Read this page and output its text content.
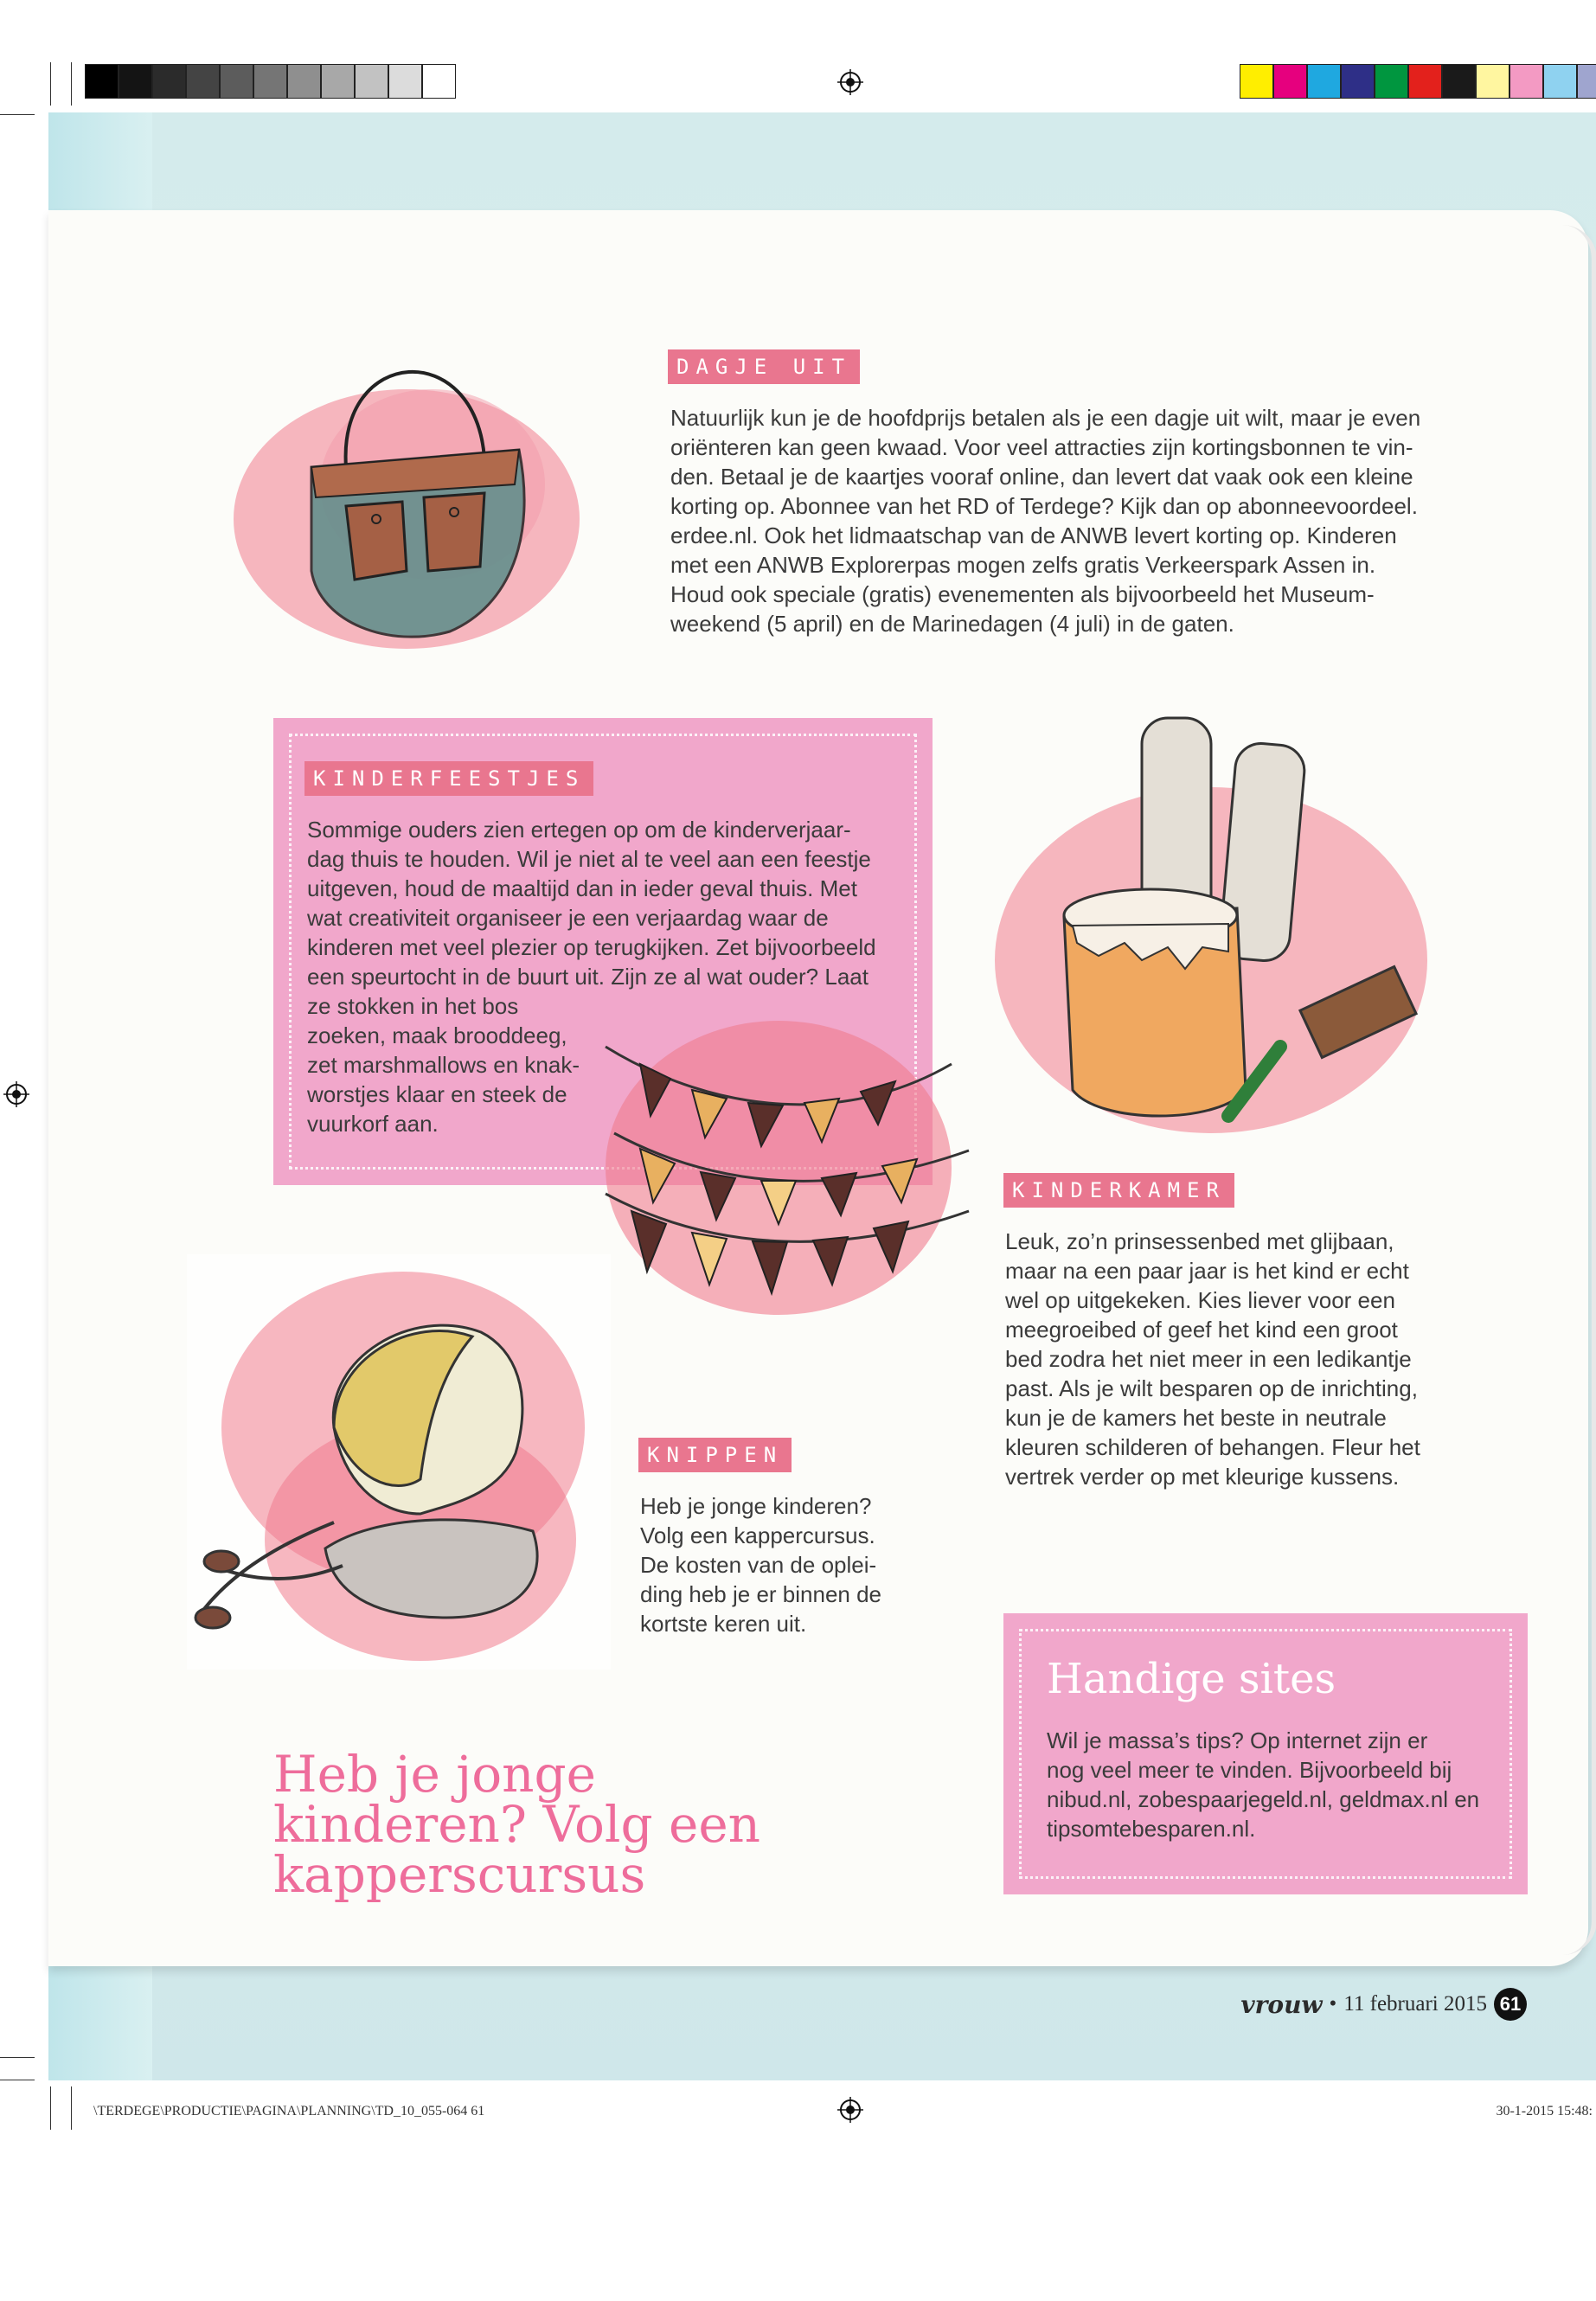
DAGJE UIT
Natuurlijk kun je de hoofdprijs betalen als je een dagje uit wilt, maar je even
oriënteren kan geen kwaad. Voor veel attracties zijn kortingsbonnen te vin-
den. Betaal je de kaartjes vooraf online, dan levert dat vaak ook een kleine
korting op. Abonnee van het RD of Terdege? Kijk dan op abonneevoordeel.
erdee.nl. Ook het lidmaatschap van de ANWB levert korting op. Kinderen
met een ANWB Explorerpas mogen zelfs gratis Verkeerspark Assen in.
Houd ook speciale (gratis) evenementen als bijvoorbeeld het Museum-
weekend (5 april) en de Marinedagen (4 juli) in de gaten.
KINDERFEESTJES
Sommige ouders zien ertegen op om de kinderverjaar-
dag thuis te houden. Wil je niet al te veel aan een feestje
uitgeven, houd de maaltijd dan in ieder geval thuis. Met
wat creativiteit organiseer je een verjaardag waar de
kinderen met veel plezier op terugkijken. Zet bijvoorbeeld
een speurtocht in de buurt uit. Zijn ze al wat ouder? Laat
ze stokken in het bos
zoeken, maak brooddeeg,
zet marshmallows en knak-
worstjes klaar en steek de
vuurkorf aan.
KINDERKAMER
Leuk, zo’n prinsessenbed met glijbaan,
maar na een paar jaar is het kind er echt
wel op uitgekeken. Kies liever voor een
meegroeibed of geef het kind een groot
bed zodra het niet meer in een ledikantje
past. Als je wilt besparen op de inrichting,
kun je de kamers het beste in neutrale
kleuren schilderen of behangen. Fleur het
vertrek verder op met kleurige kussens.
KNIPPEN
Heb je jonge kinderen?
Volg een kappercursus.
De kosten van de oplei-
ding heb je er binnen de
kortste keren uit.
Handige sites
Wil je massa’s tips? Op internet zijn er
nog veel meer te vinden. Bijvoorbeeld bij
nibud.nl, zobespaarjegeld.nl, geldmax.nl en
tipsomtebesparen.nl.
Heb je jonge
kinderen? Volg een
kapperscursus
vrouw • 11 februari 2015 61
\TERDEGE\PRODUCTIE\PAGINA\PLANNING\TD_10_055-064 61	30-1-2015 15:48:
